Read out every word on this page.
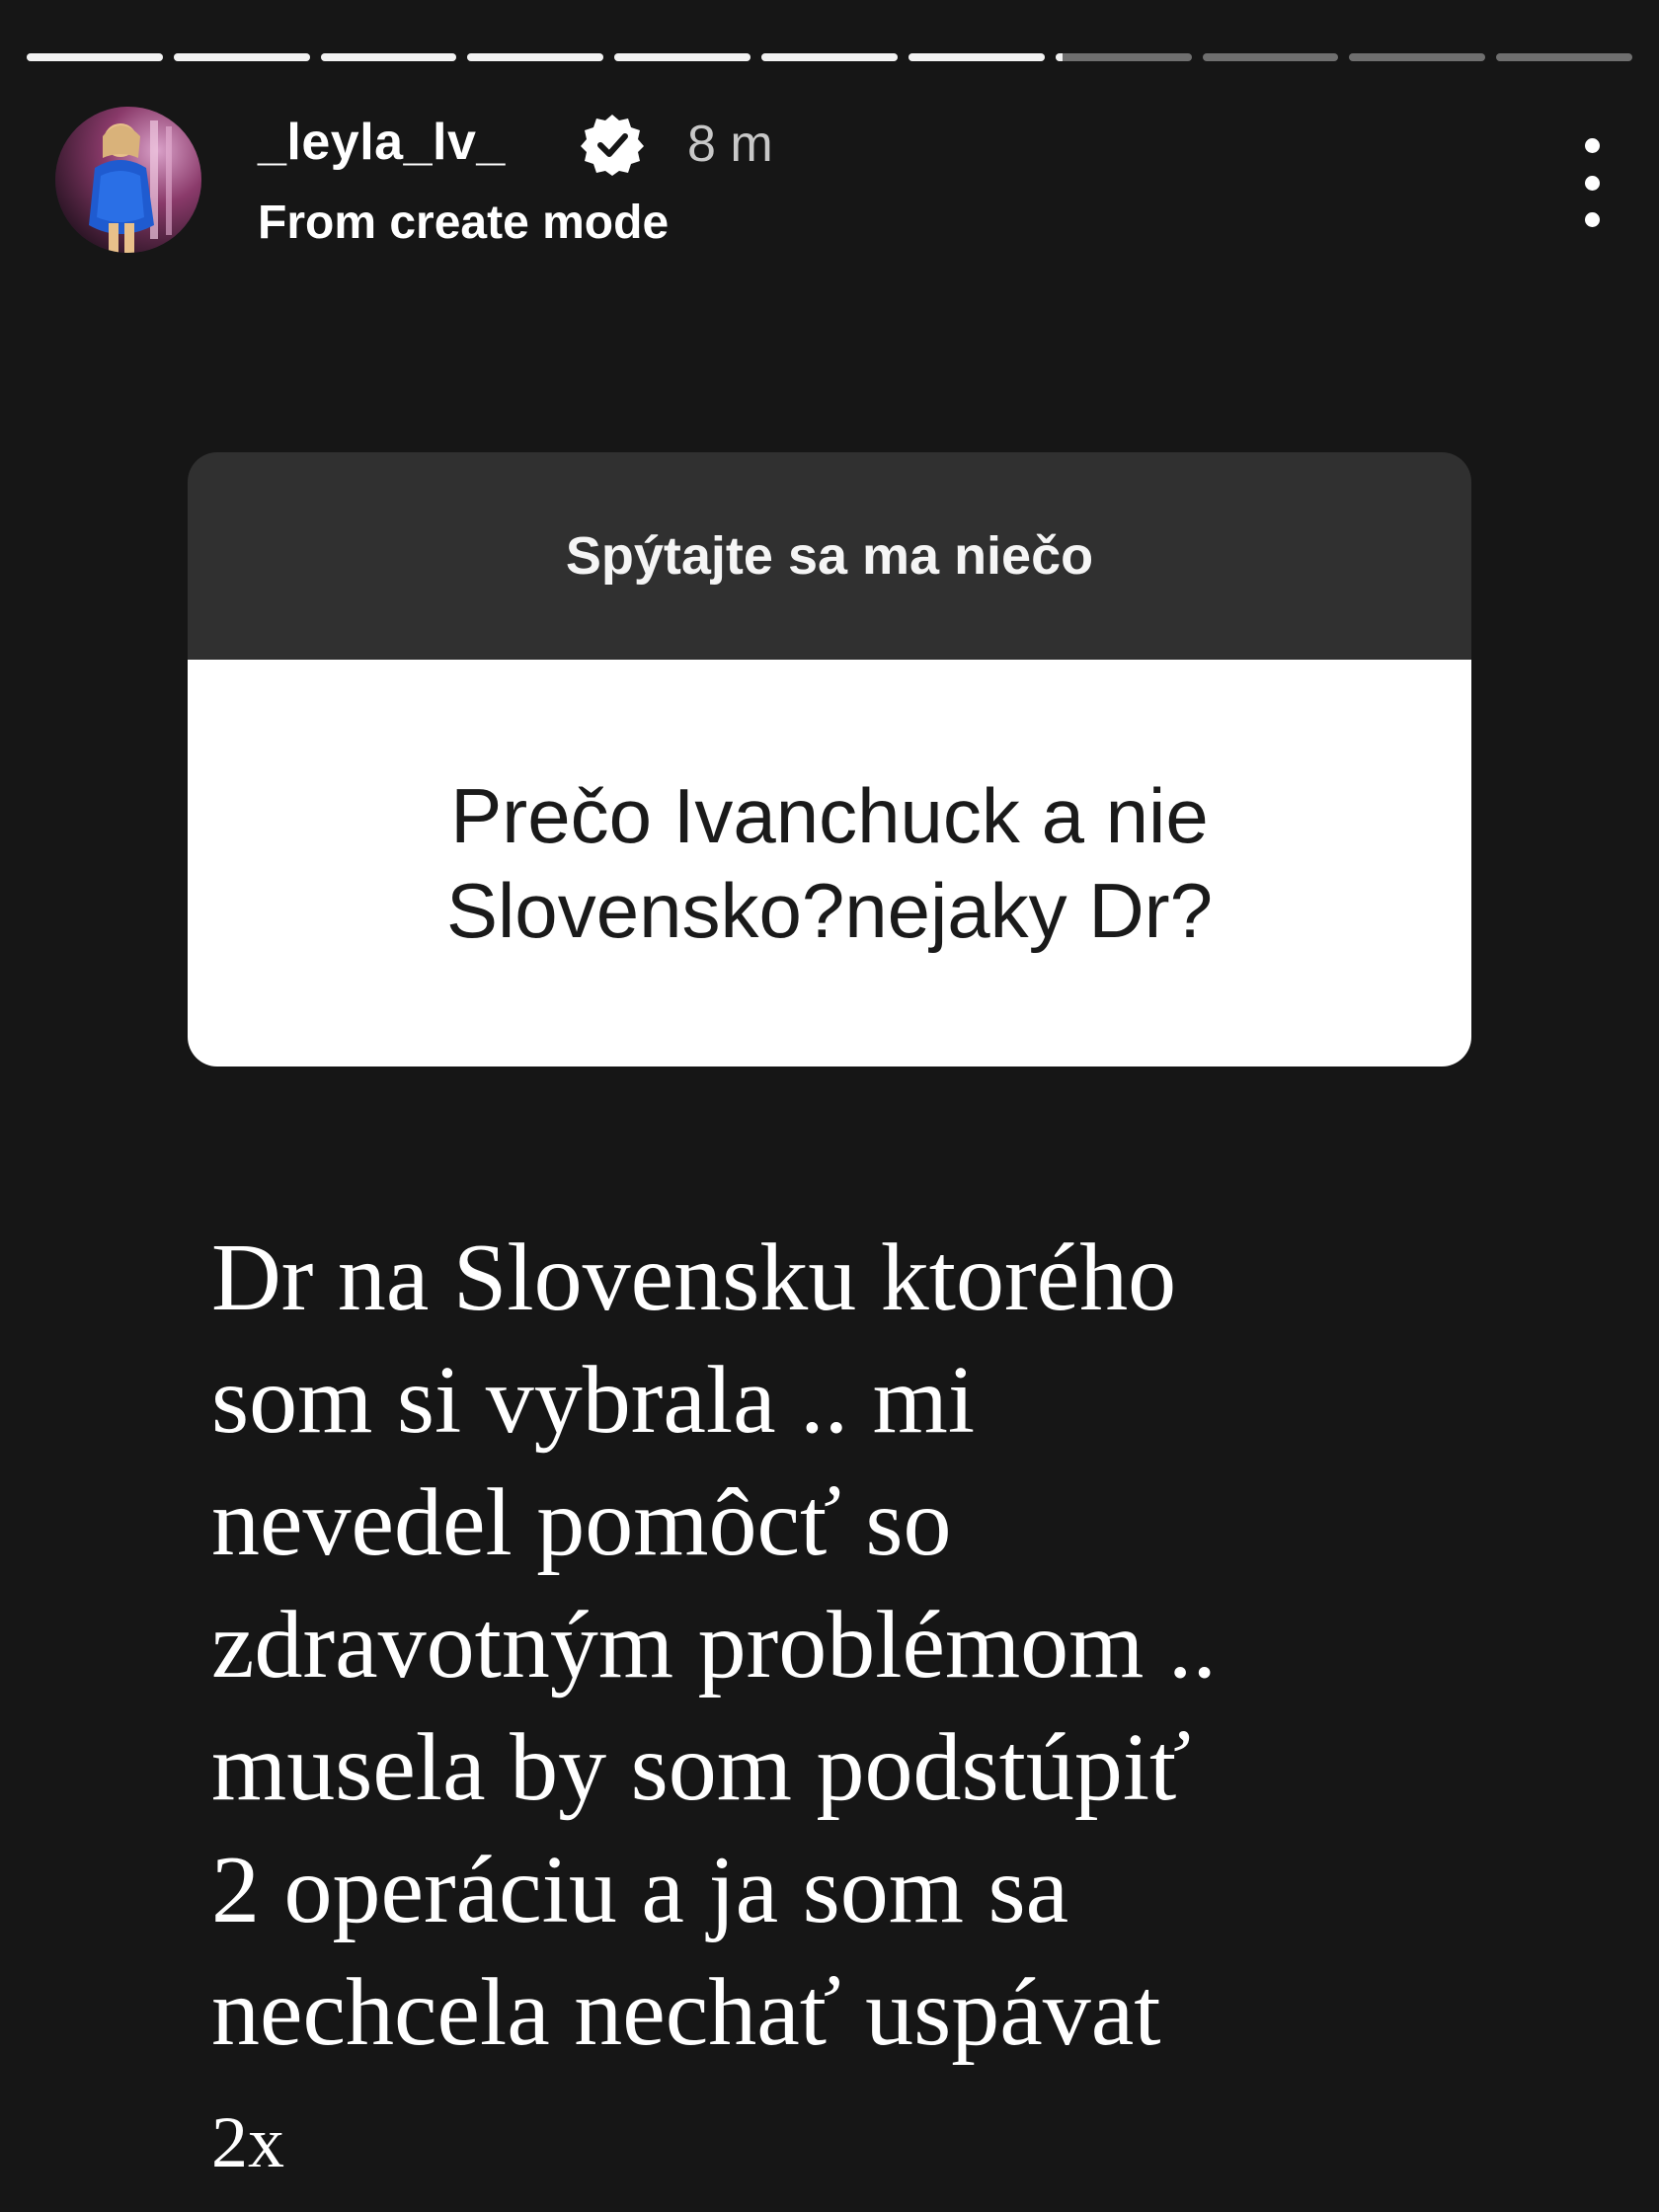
_leyla_lv_	8 m
From create mode
Spýtajte sa ma niečo
Prečo Ivanchuck a nie Slovensko?nejaky Dr?
Dr na Slovensku ktorého
som si vybrala .. mi
nevedel pomôcť so
zdravotným problémom ..
musela by som podstúpiť
2 operáciu a ja som sa
nechcela nechať uspávat
2x
